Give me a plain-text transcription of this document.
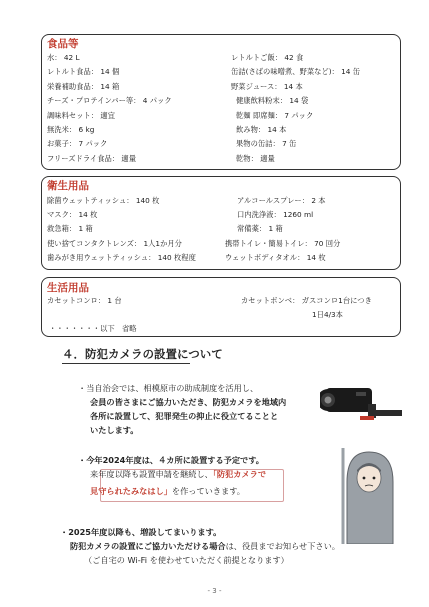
食品等
水： 42 L	レトルトご飯： 42 食
レトルト食品： 14 個	缶詰(さばの味噌煮、野菜など)： 14 缶
栄養補助食品： 14 箱	野菜ジュース： 14 本
チーズ・プロテインバー等： 4 パック	健康飲料粉末： 14 袋
調味料セット： 適宜	乾麺 即席麺： 7 パック
無洗米： 6 kg	飲み物： 14 本
お菓子： 7 パック	果物の缶詰： 7 缶
フリーズドライ食品： 適量	乾物： 適量
衛生用品
除菌ウェットティッシュ： 140 枚	アルコールスプレー： 2 本
マスク： 14 枚	口内洗浄液： 1260 ml
救急箱： 1 箱	常備薬： 1 箱
使い捨てコンタクトレンズ： 1人1か月分	携帯トイレ・簡易トイレ： 70 回分
歯みがき用ウェットティッシュ： 140 枚程度	ウェットボディタオル： 14 枚
生活用品
カセットコンロ： 1 台	カセットボンベ： ガスコンロ1台につき
1日4/3本
・・・・・・・以下　省略
４．防犯カメラの設置について
・当自治会では、相模原市の助成制度を活用し、
会員の皆さまにご協力いただき、防犯カメラを地域内
各所に設置して、犯罪発生の抑止に役立てることと
いたします。
・今年2024年度は、４カ所に設置する予定です。
来年度以降も設置申請を継続し、「防犯カメラで
見守られたみなはし」を作っていきます。
・2025年度以降も、増設してまいります。
防犯カメラの設置にご協力いただける場合は、役員までお知らせ下さい。
（ご自宅の Wi-Fi を使わせていただく前提となります）
- 3 -
